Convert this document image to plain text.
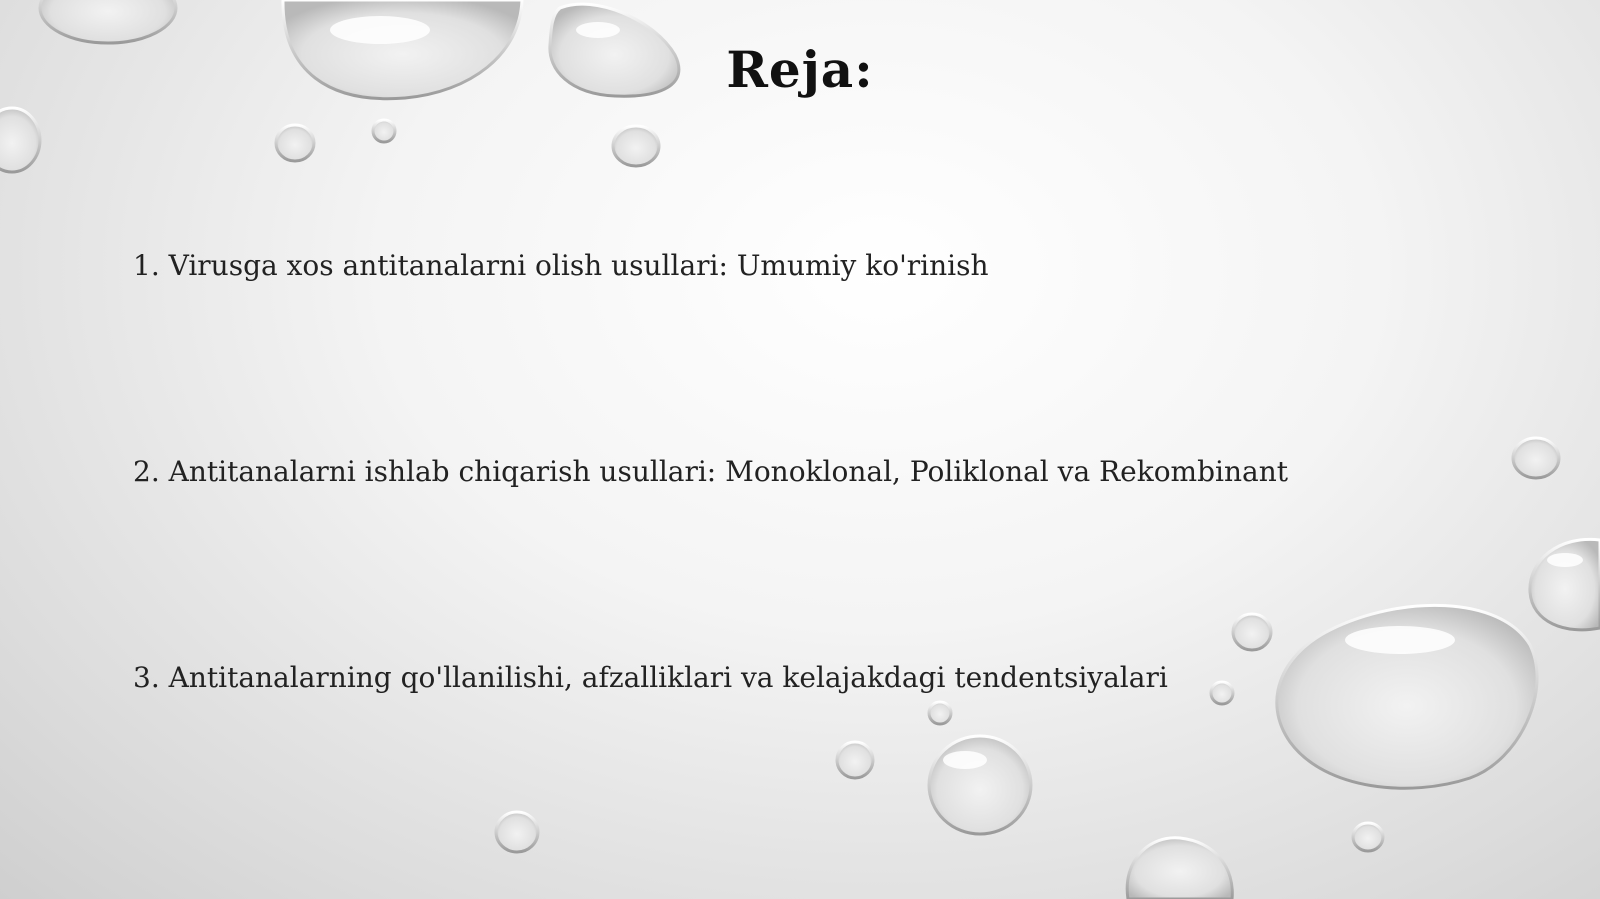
Reja:
1. Virusga xos antitanalarni olish usullari: Umumiy ko'rinish
2. Antitanalarni ishlab chiqarish usullari: Monoklonal, Poliklonal va Rekombinant
3. Antitanalarning qo'llanilishi, afzalliklari va kelajakdagi tendentsiyalari
